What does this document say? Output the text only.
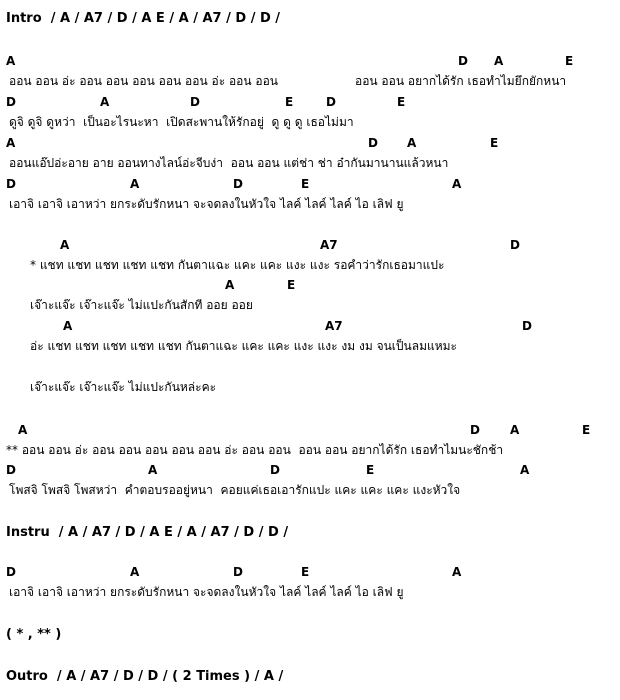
Intro  / A / A7 / D / A E / A / A7 / D / D /
A	D A	E
ออน ออน อ่ะ ออน ออน ออน ออน ออน อ่ะ ออน ออน	ออน ออน อยากได้รัก เธอทำไมยึกยักหนา
D	A	D	E	D	E
ดูจิ ดูจิ ดูหว่า  เป็นอะไรนะหา  เปิดสะพานให้รักอยู่  ดู ดู ดู เธอไม่มา
A	D A	E
ออนแอ๊ปอ่ะอาย อาย ออนทางไลน์อ่ะจีบง่า  ออน ออน แต่ช่า ช่า อ๋ากันมานานแล้วหนา
D	A	D	E	A
เอาจิ เอาจิ เอาหว่า ยกระดับรักหนา จะจดลงในหัวใจ ไลค์ ไลค์ ไลค์ ไอ เลิฟ ยู
A	A7	D
* แชท แชท แชท แชท แชท กันตาแฉะ แคะ แคะ แงะ แงะ รอคำว่ารักเธอมาแปะ
A	E
เจ๊าะแจ๊ะ เจ๊าะแจ๊ะ ไม่แปะกันสักที ออย ออย
A	A7	D
อ่ะ แชท แชท แชท แชท แชท กันตาแฉะ แคะ แคะ แงะ แงะ งม งม จนเป็นลมแหมะ
เจ๊าะแจ๊ะ เจ๊าะแจ๊ะ ไม่แปะกันหล่ะคะ
A	D	A	E
** ออน ออน อ่ะ ออน ออน ออน ออน ออน อ่ะ ออน ออน  ออน ออน อยากได้รัก เธอทำไมนะชักช้า
D	A	D	E	A
โพสจิ โพสจิ โพสหว่า  คำตอบรออยู่หนา  คอยแค่เธอเอารักแปะ แคะ แคะ แคะ แงะหัวใจ
Instru  / A / A7 / D / A E / A / A7 / D / D /
D	A	D	E	A
เอาจิ เอาจิ เอาหว่า ยกระดับรักหนา จะจดลงในหัวใจ ไลค์ ไลค์ ไลค์ ไอ เลิฟ ยู
( * , ** )
Outro  / A / A7 / D / D / ( 2 Times ) / A /
